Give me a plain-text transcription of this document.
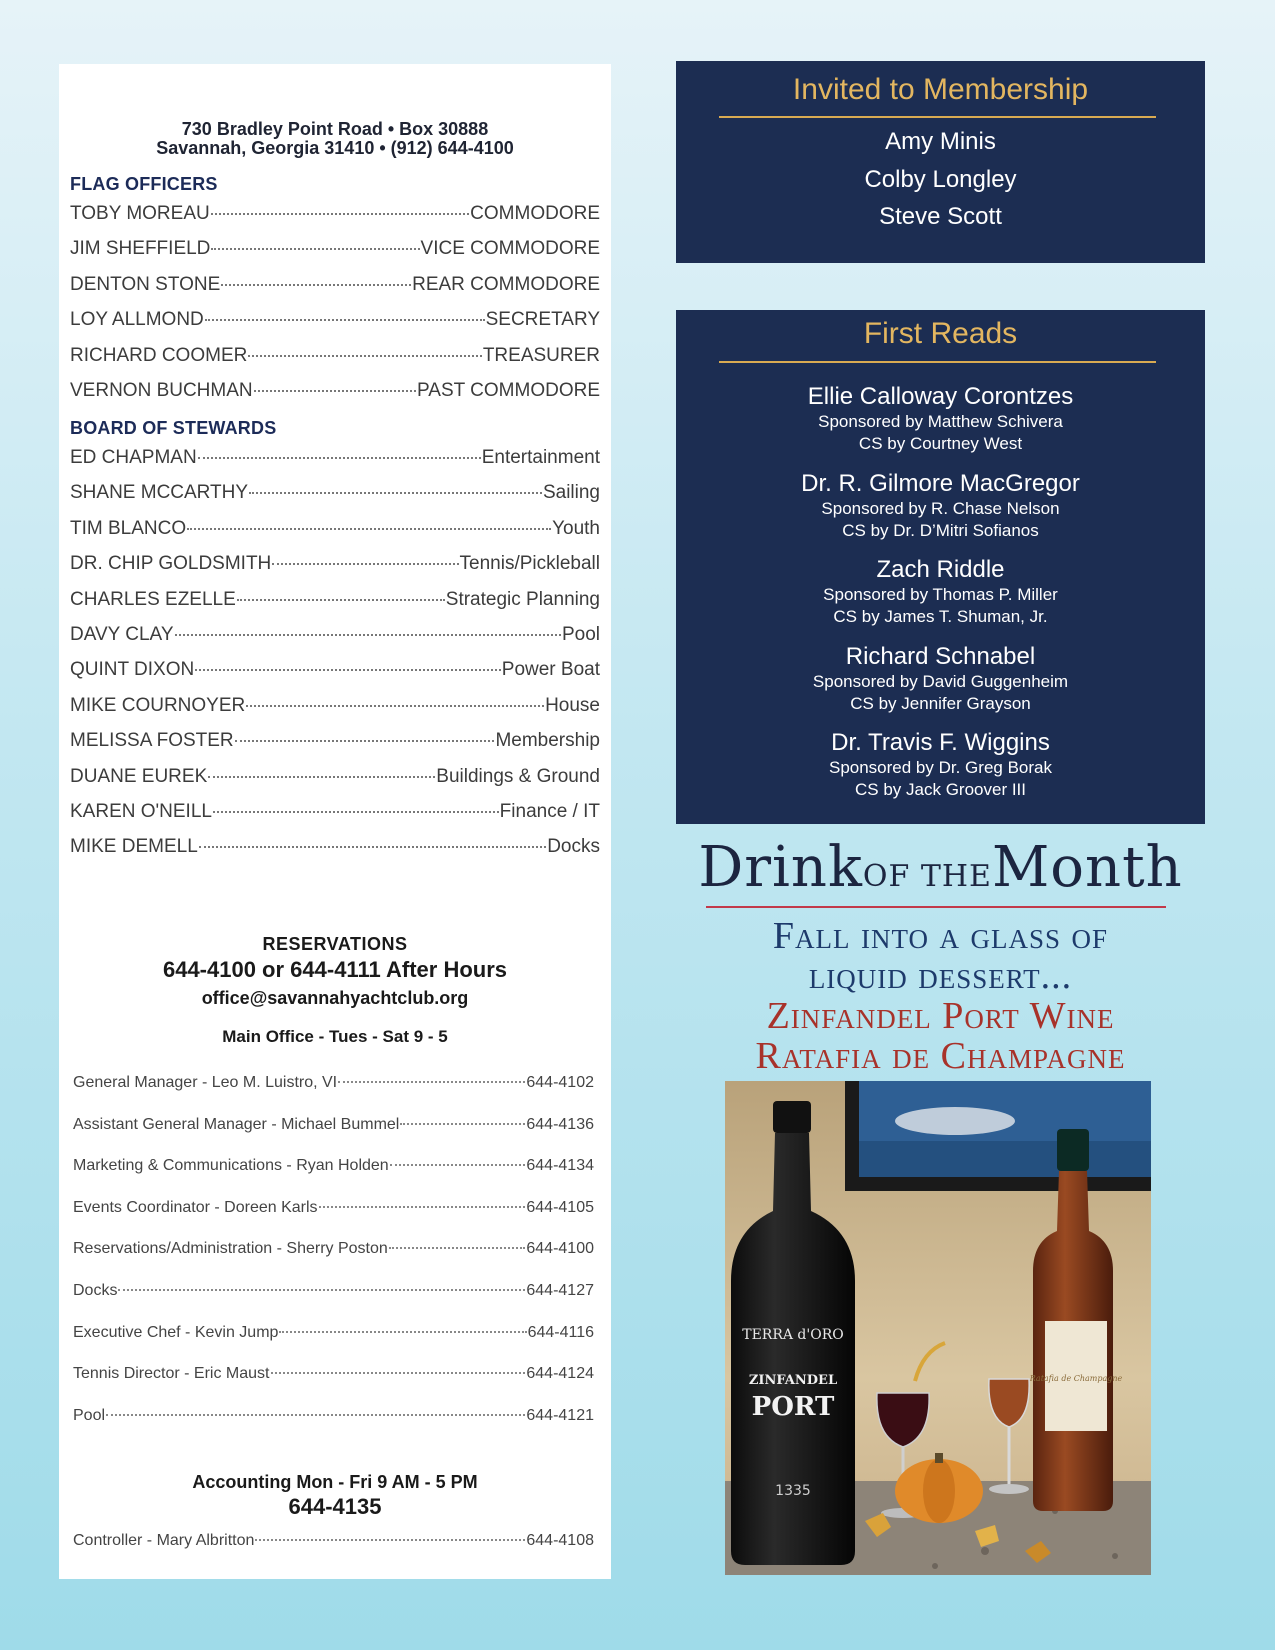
730 Bradley Point Road • Box 30888
Savannah, Georgia 31410 • (912) 644-4100
FLAG OFFICERS
TOBY MOREAU	COMMODORE
JIM SHEFFIELD	VICE COMMODORE
DENTON STONE	REAR COMMODORE
LOY ALLMOND	SECRETARY
RICHARD COOMER	TREASURER
VERNON BUCHMAN	PAST COMMODORE
BOARD OF STEWARDS
ED CHAPMAN	Entertainment
SHANE MCCARTHY	Sailing
TIM BLANCO	Youth
DR. CHIP GOLDSMITH	Tennis/Pickleball
CHARLES EZELLE	Strategic Planning
DAVY CLAY	Pool
QUINT DIXON	Power Boat
MIKE COURNOYER	House
MELISSA FOSTER	Membership
DUANE EUREK	Buildings & Ground
KAREN O'NEILL	Finance / IT
MIKE DEMELL	Docks
RESERVATIONS
644-4100 or 644-4111 After Hours
office@savannahyachtclub.org
Main Office - Tues - Sat 9 - 5
General Manager - Leo M. Luistro, VI	644-4102
Assistant General Manager - Michael Bummel	644-4136
Marketing & Communications - Ryan Holden	644-4134
Events Coordinator - Doreen Karls	644-4105
Reservations/Administration - Sherry Poston	644-4100
Docks	644-4127
Executive Chef - Kevin Jump	644-4116
Tennis Director - Eric Maust	644-4124
Pool	644-4121
Accounting Mon - Fri 9 AM - 5 PM
644-4135
Controller - Mary Albritton	644-4108
Invited to Membership
Amy Minis
Colby Longley
Steve Scott
First Reads
Ellie Calloway Corontzes
Sponsored by Matthew Schivera
CS by Courtney West
Dr. R. Gilmore MacGregor
Sponsored by R. Chase Nelson
CS by Dr. D’Mitri Sofianos
Zach Riddle
Sponsored by Thomas P. Miller
CS by James T. Shuman, Jr.
Richard Schnabel
Sponsored by David Guggenheim
CS by Jennifer Grayson
Dr. Travis F. Wiggins
Sponsored by Dr. Greg Borak
CS by Jack Groover III
DrinkOF THEMonth
Fall into a glass of
liquid dessert...
Zinfandel Port Wine
Ratafia de Champagne
TERRA d'ORO
ZINFANDEL
PORT
1335
Ratafia de Champagne
